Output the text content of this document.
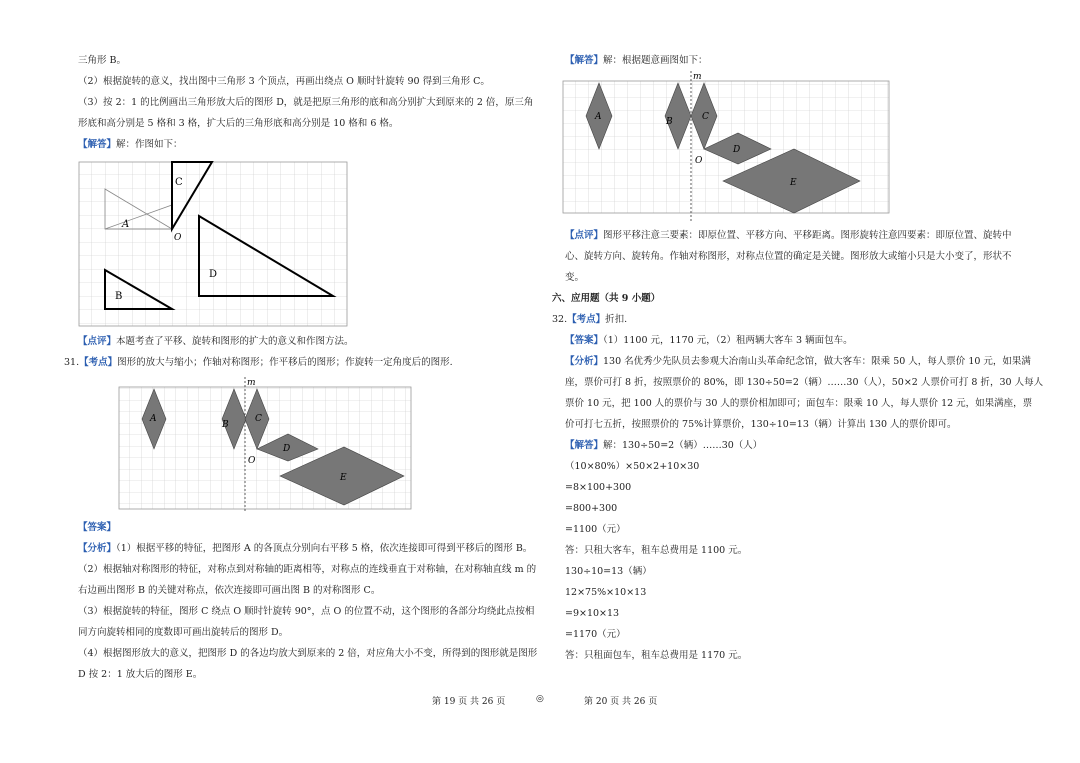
三角形 B。
（2）根据旋转的意义，找出图中三角形 3 个顶点，再画出绕点 O 顺时针旋转 90 得到三角形 C。
（3）按 2：1 的比例画出三角形放大后的图形 D，就是把原三角形的底和高分别扩大到原来的 2 倍，原三角
形底和高分别是 5 格和 3 格，扩大后的三角形底和高分别是 10 格和 6 格。
【解答】解：作图如下：
A
C
D
B
O
【点评】本题考查了平移、旋转和图形的扩大的意义和作图方法。
31.【考点】图形的放大与缩小；作轴对称图形；作平移后的图形；作旋转一定角度后的图形.
m
A
B
C
D
E
O
【答案】
【分析】（1）根据平移的特征，把图形 A 的各顶点分别向右平移 5 格，依次连接即可得到平移后的图形 B。
（2）根据轴对称图形的特征，对称点到对称轴的距离相等，对称点的连线垂直于对称轴，在对称轴直线 m 的
右边画出图形 B 的关键对称点，依次连接即可画出图 B 的对称图形 C。
（3）根据旋转的特征，图形 C 绕点 O 顺时针旋转 90°，点 O 的位置不动，这个图形的各部分均绕此点按相
同方向旋转相同的度数即可画出旋转后的图形 D。
（4）根据图形放大的意义，把图形 D 的各边均放大到原来的 2 倍，对应角大小不变，所得到的图形就是图形
D 按 2：1 放大后的图形 E。
【解答】解：根据题意画图如下：
m
A	B	C
D
E
O
【点评】图形平移注意三要素：即原位置、平移方向、平移距离。图形旋转注意四要素：即原位置、旋转中
心、旋转方向、旋转角。作轴对称图形，对称点位置的确定是关键。图形放大或缩小只是大小变了，形状不
变。
六、应用题（共 9 小题）
32.【考点】折扣.
【答案】（1）1100 元，1170 元，（2）租两辆大客车 3 辆面包车。
【分析】130 名优秀少先队员去参观大冶南山头革命纪念馆，做大客车：限乘 50 人，每人票价 10 元，如果满
座，票价可打 8 折，按照票价的 80%，即 130÷50=2（辆）……30（人），50×2 人票价可打 8 折，30 人每人
票价 10 元，把 100 人的票价与 30 人的票价相加即可；面包车：限乘 10 人，每人票价 12 元，如果满座，票
价可打七五折，按照票价的 75%计算票价，130÷10=13（辆）计算出 130 人的票价即可。
【解答】解：130÷50=2（辆）……30（人）
（10×80%）×50×2+10×30
=8×100+300
=800+300
=1100（元）
答：只租大客车，租车总费用是 1100 元。
130÷10=13（辆）
12×75%×10×13
=9×10×13
=1170（元）
答：只租面包车，租车总费用是 1170 元。
第 19 页 共 26 页	◎	第 20 页 共 26 页
